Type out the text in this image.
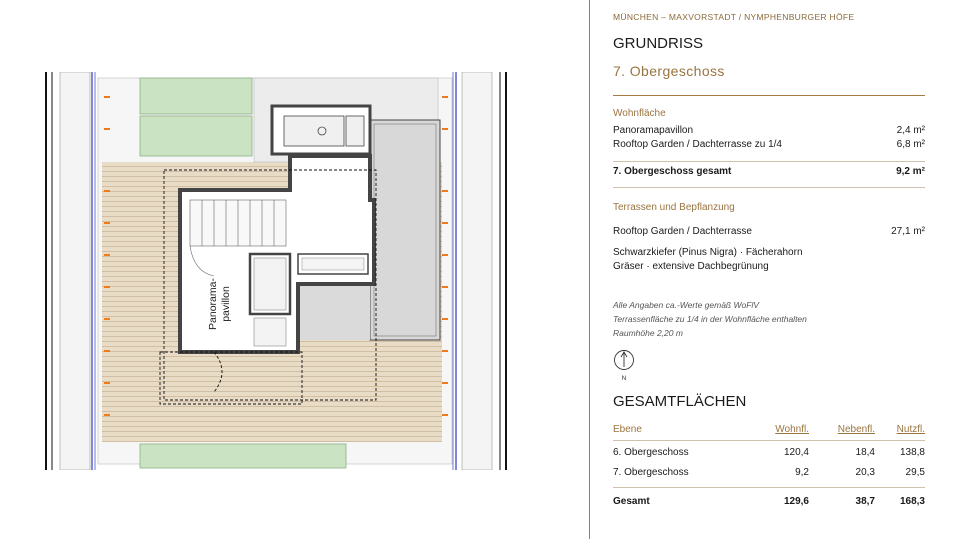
Panorama- pavillon
MÜNCHEN – MAXVORSTADT / NYMPHENBURGER HÖFE
GRUNDRISS
7. Obergeschoss
Wohnfläche
Panoramapavillon	2,4 m²
Rooftop Garden / Dachterrasse zu 1/4	6,8 m²
7. Obergeschoss gesamt	9,2 m²
Terrassen und Bepflanzung
Rooftop Garden / Dachterrasse	27,1 m²
Schwarzkiefer (Pinus Nigra) · Fächerahorn
Gräser · extensive Dachbegrünung
Alle Angaben ca.-Werte gemäß WoFlV
Terrassenfläche zu 1/4 in der Wohnfläche enthalten
Raumhöhe 2,20 m
N
GESAMTFLÄCHEN
Ebene	Wohnfl.	Nebenfl. Nutzfl.
6. Obergeschoss	120,4	18,4 138,8
7. Obergeschoss	9,2	20,3	29,5
Gesamt	129,6	38,7 168,3
